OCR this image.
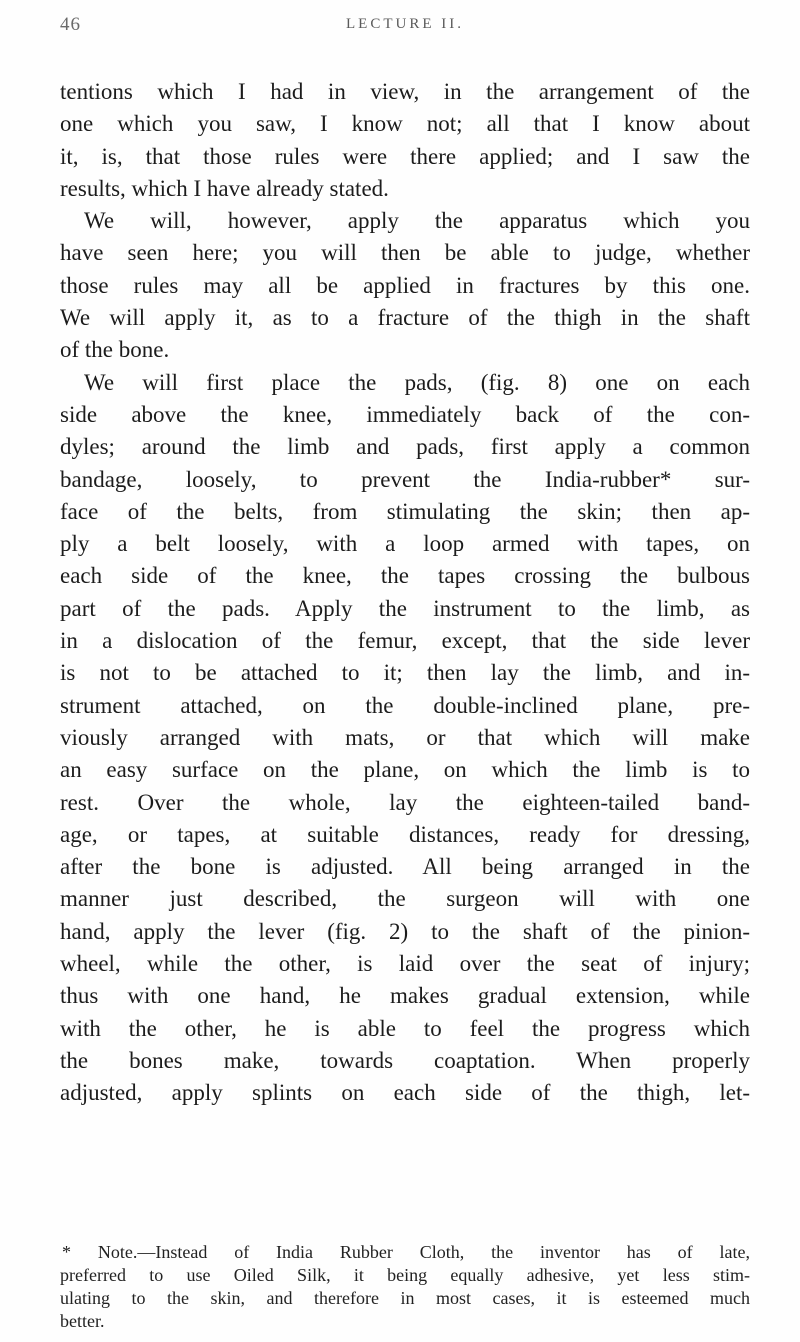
46	LECTURE II.
tentions which I had in view, in the arrangement of the
one which you saw, I know not; all that I know about
it, is, that those rules were there applied; and I saw the
results, which I have already stated.
We will, however, apply the apparatus which you
have seen here; you will then be able to judge, whether
those rules may all be applied in fractures by this one.
We will apply it, as to a fracture of the thigh in the shaft
of the bone.
We will first place the pads, (fig. 8) one on each
side above the knee, immediately back of the con-
dyles; around the limb and pads, first apply a common
bandage, loosely, to prevent the India-rubber* sur-
face of the belts, from stimulating the skin; then ap-
ply a belt loosely, with a loop armed with tapes, on
each side of the knee, the tapes crossing the bulbous
part of the pads. Apply the instrument to the limb, as
in a dislocation of the femur, except, that the side lever
is not to be attached to it; then lay the limb, and in-
strument attached, on the double-inclined plane, pre-
viously arranged with mats, or that which will make
an easy surface on the plane, on which the limb is to
rest. Over the whole, lay the eighteen-tailed band-
age, or tapes, at suitable distances, ready for dressing,
after the bone is adjusted. All being arranged in the
manner just described, the surgeon will with one
hand, apply the lever (fig. 2) to the shaft of the pinion-
wheel, while the other, is laid over the seat of injury;
thus with one hand, he makes gradual extension, while
with the other, he is able to feel the progress which
the bones make, towards coaptation. When properly
adjusted, apply splints on each side of the thigh, let-
* Note.—Instead of India Rubber Cloth, the inventor has of late,
preferred to use Oiled Silk, it being equally adhesive, yet less stim-
ulating to the skin, and therefore in most cases, it is esteemed much
better.
